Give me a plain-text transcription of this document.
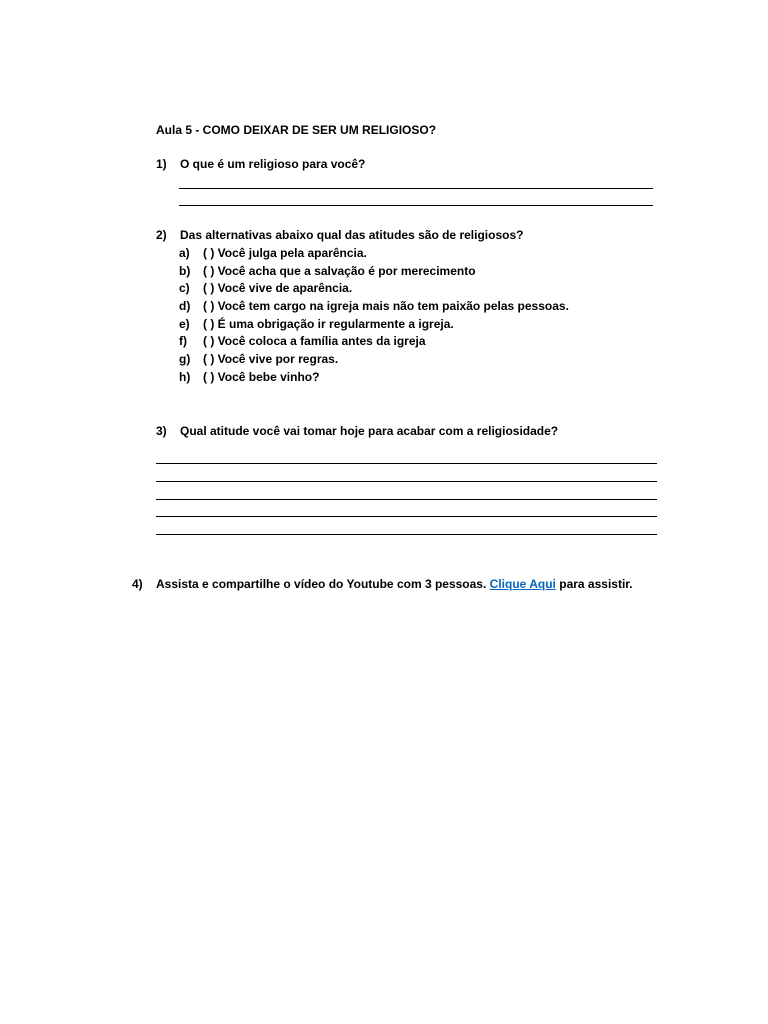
Aula 5 - COMO DEIXAR DE SER UM RELIGIOSO?
1) O que é um religioso para você?
2) Das alternativas abaixo qual das atitudes são de religiosos?
a) ( ) Você julga pela aparência.
b) ( ) Você acha que a salvação é por merecimento
c) ( ) Você vive de aparência.
d) ( ) Você tem cargo na igreja mais não tem paixão pelas pessoas.
e) ( ) É uma obrigação ir regularmente a igreja.
f) ( ) Você coloca a família antes da igreja
g) ( ) Você vive por regras.
h) ( ) Você bebe vinho?
3) Qual atitude você vai tomar hoje para acabar com a religiosidade?
4) Assista e compartilhe o vídeo do Youtube com 3 pessoas. Clique Aqui para assistir.
